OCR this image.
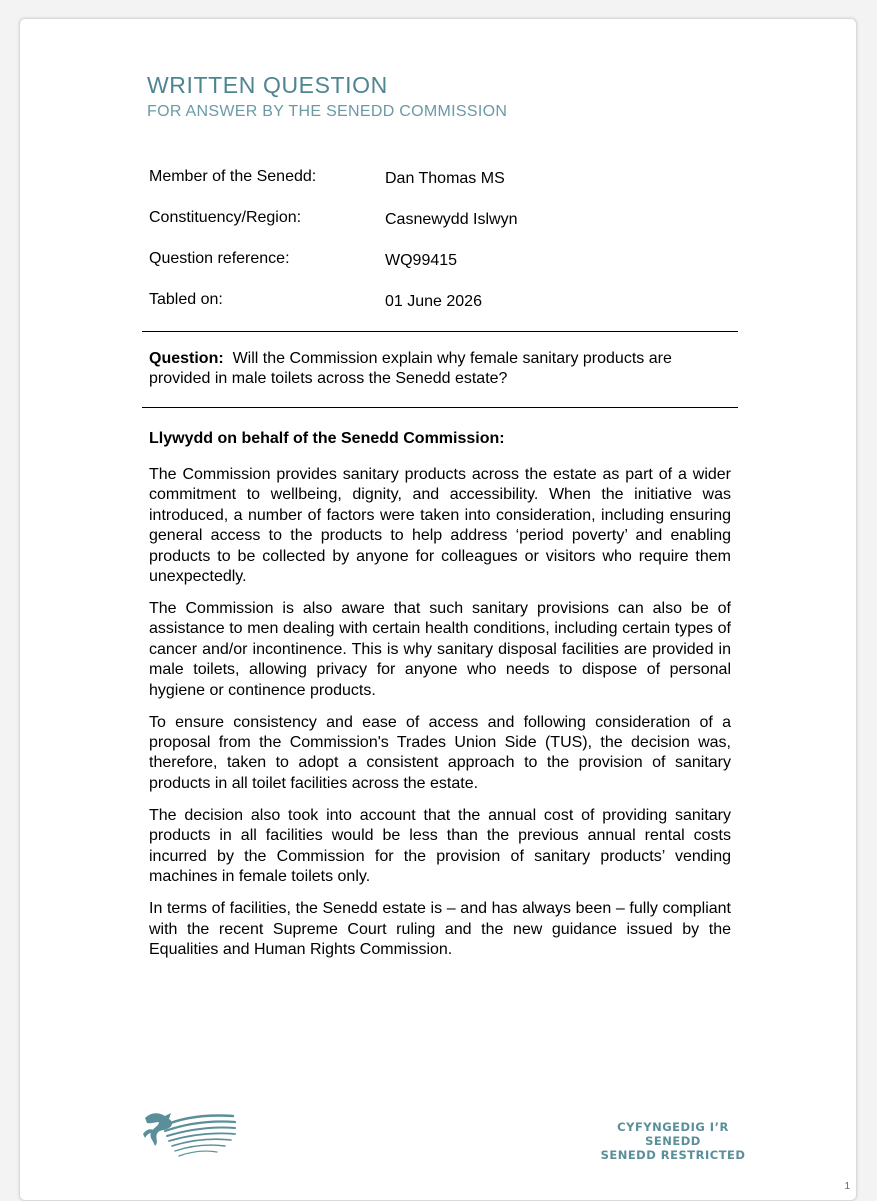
WRITTEN QUESTION
FOR ANSWER BY THE SENEDD COMMISSION
Member of the Senedd:	Dan Thomas MS
Constituency/Region:	Casnewydd Islwyn
Question reference:	WQ99415
Tabled on:	01 June 2026
Question: Will the Commission explain why female sanitary products are provided in male toilets across the Senedd estate?
Llywydd on behalf of the Senedd Commission:

The Commission provides sanitary products across the estate as part of a wider commitment to wellbeing, dignity, and accessibility. When the initiative was introduced, a number of factors were taken into consideration, including ensuring general access to the products to help address ‘period poverty’ and enabling products to be collected by anyone for colleagues or visitors who require them unexpectedly.

The Commission is also aware that such sanitary provisions can also be of assistance to men dealing with certain health conditions, including certain types of cancer and/or incontinence. This is why sanitary disposal facilities are provided in male toilets, allowing privacy for anyone who needs to dispose of personal hygiene or continence products.

To ensure consistency and ease of access and following consideration of a proposal from the Commission's Trades Union Side (TUS), the decision was, therefore, taken to adopt a consistent approach to the provision of sanitary products in all toilet facilities across the estate.

The decision also took into account that the annual cost of providing sanitary products in all facilities would be less than the previous annual rental costs incurred by the Commission for the provision of sanitary products’ vending machines in female toilets only.

In terms of facilities, the Senedd estate is – and has always been – fully compliant with the recent Supreme Court ruling and the new guidance issued by the Equalities and Human Rights Commission.

CYFYNGEDIG I’R SENEDD
SENEDD RESTRICTED
1
